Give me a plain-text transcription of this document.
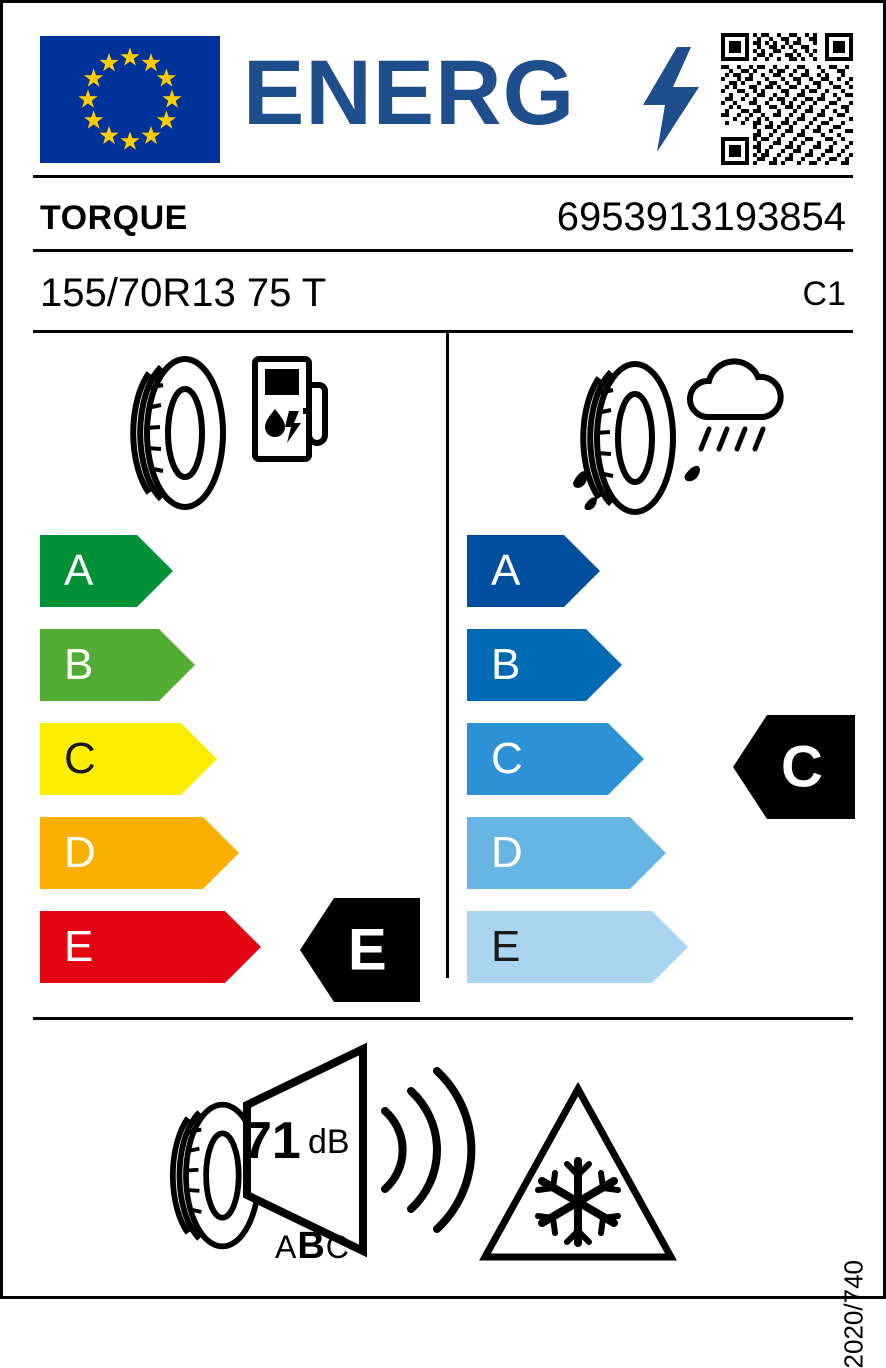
ENERG
TORQUE	6953913193854
155/70R13 75 T	C1
A
B
C
D
E	E
A
B
C
D
E
C
71 dB
ABC
2020/740
